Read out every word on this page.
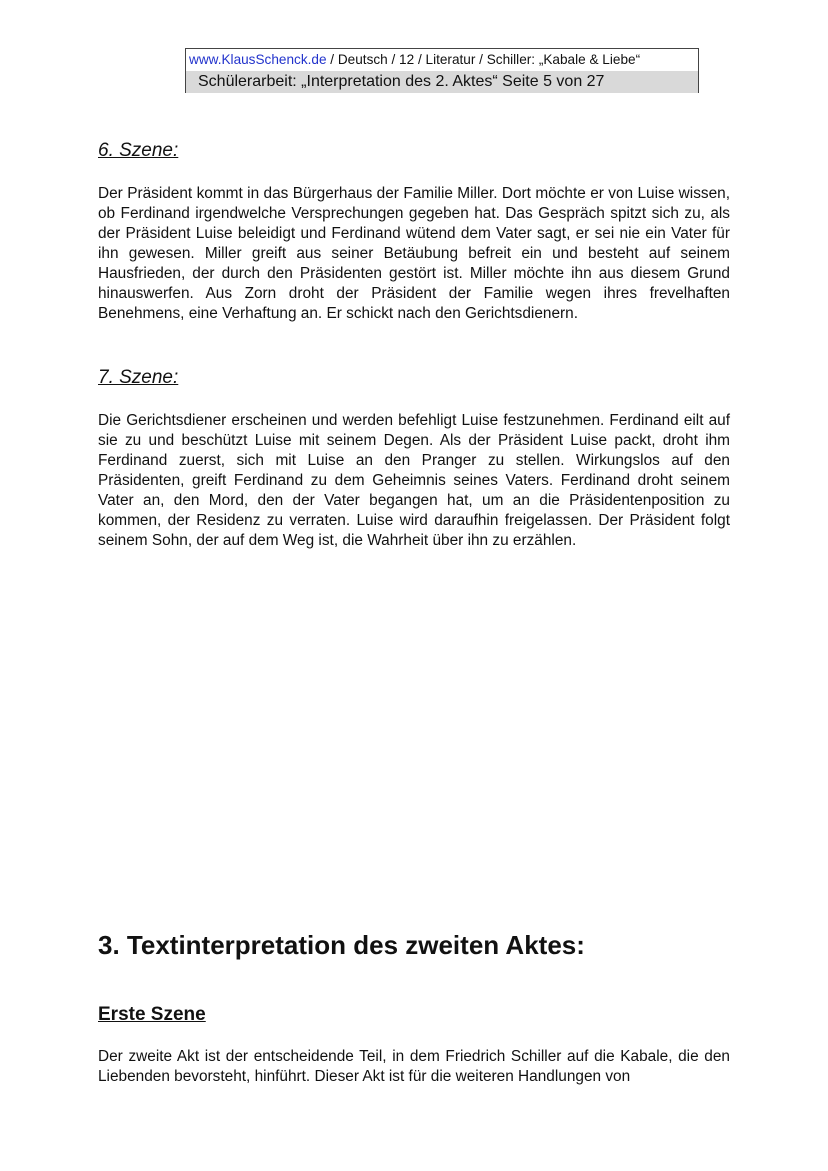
www.KlausSchenck.de / Deutsch / 12 / Literatur / Schiller: „Kabale & Liebe“
Schülerarbeit: „Interpretation des 2. Aktes“ Seite 5 von 27
6. Szene:

Der Präsident kommt in das Bürgerhaus der Familie Miller. Dort möchte er von Luise wissen, ob Ferdinand irgendwelche Versprechungen gegeben hat. Das Gespräch spitzt sich zu, als der Präsident Luise beleidigt und Ferdinand wütend dem Vater sagt, er sei nie ein Vater für ihn gewesen. Miller greift aus seiner Betäubung befreit ein und besteht auf seinem Hausfrieden, der durch den Präsidenten gestört ist. Miller möchte ihn aus diesem Grund hinauswerfen. Aus Zorn droht der Präsident der Familie wegen ihres frevelhaften Benehmens, eine Verhaftung an. Er schickt nach den Gerichtsdienern.

7. Szene:

Die Gerichtsdiener erscheinen und werden befehligt Luise festzunehmen. Ferdinand eilt auf sie zu und beschützt Luise mit seinem Degen. Als der Präsident Luise packt, droht ihm Ferdinand zuerst, sich mit Luise an den Pranger zu stellen. Wirkungslos auf den Präsidenten, greift Ferdinand zu dem Geheimnis seines Vaters. Ferdinand droht seinem Vater an, den Mord, den der Vater begangen hat, um an die Präsidentenposition zu kommen, der Residenz zu verraten. Luise wird daraufhin freigelassen. Der Präsident folgt seinem Sohn, der auf dem Weg ist, die Wahrheit über ihn zu erzählen.

3. Textinterpretation des zweiten Aktes:
Erste Szene

Der zweite Akt ist der entscheidende Teil, in dem Friedrich Schiller auf die Kabale, die den Liebenden bevorsteht, hinführt. Dieser Akt ist für die weiteren Handlungen von
